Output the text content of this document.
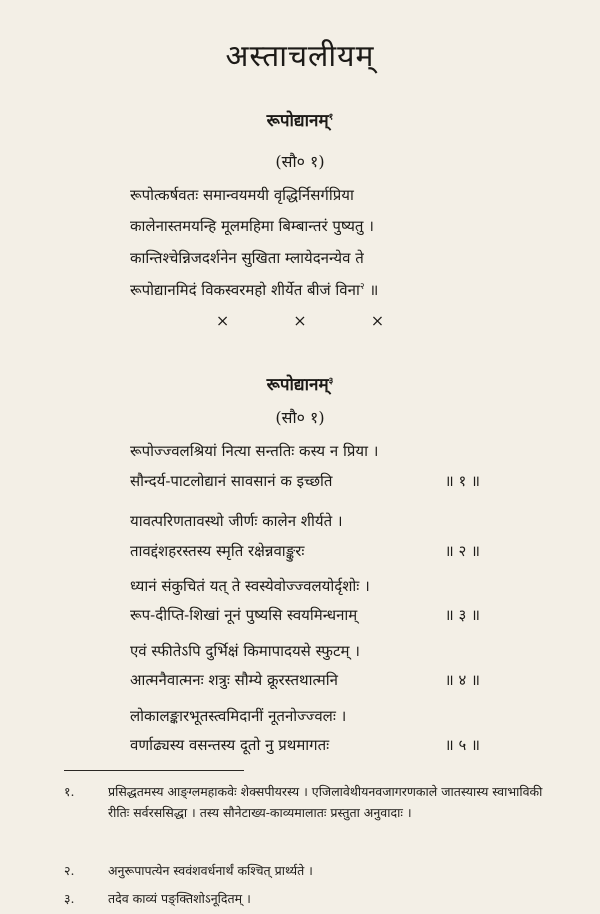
अस्ताचलीयम्
रूपोद्यानम्$^१$
(सौ० १)
रूपोत्कर्षवतः समान्वयमयी वृद्धिर्निसर्गप्रिया
कालेनास्तमयन्हि मूलमहिमा बिम्बान्तरं पुष्यतु ।
कान्तिश्चेन्निजदर्शनेन सुखिता म्लायेदनन्येव ते
रूपोद्यानमिदं विकस्वरमहो शीर्येत बीजं विना$^२$ ॥
×	×	×
रूपोद्यानम्$^३$
(सौ० १)
रूपोज्ज्वलश्रियां नित्या सन्ततिः कस्य न प्रिया ।
सौन्दर्य-पाटलोद्यानं सावसानं क इच्छति	॥ १ ॥
यावत्परिणतावस्थो जीर्णः कालेन शीर्यते ।
तावद्दंशहरस्तस्य स्मृति रक्षेन्नवाङ्कुरः	॥ २ ॥
ध्यानं संकुचितं यत् ते स्वस्येवोज्ज्वलयोर्दृशोः ।
रूप-दीप्ति-शिखां नूनं पुष्यसि स्वयमिन्धनाम्	॥ ३ ॥
एवं स्फीतेऽपि दुर्भिक्षं किमापादयसे स्फुटम् ।
आत्मनैवात्मनः शत्रुः सौम्ये क्रूरस्तथात्मनि	॥ ४ ॥
लोकालङ्कारभूतस्त्वमिदानीं नूतनोज्ज्वलः ।
वर्णाढ्यस्य वसन्तस्य दूतो नु प्रथमागतः	॥ ५ ॥
१.	प्रसिद्धतमस्य आङ्ग्लमहाकवेः शेक्सपीयरस्य । एजिलावेथीयनवजागरणकाले जातस्यास्य स्वाभाविकी रीतिः सर्वरससिद्धा । तस्य सौनेटाख्य-काव्यमालातः प्रस्तुता अनुवादाः ।
२.	अनुरूपापत्येन स्ववंशवर्धनार्थं कश्चित् प्रार्थ्यते ।
३.	तदेव काव्यं पङ्क्तिशोऽनूदितम् ।
